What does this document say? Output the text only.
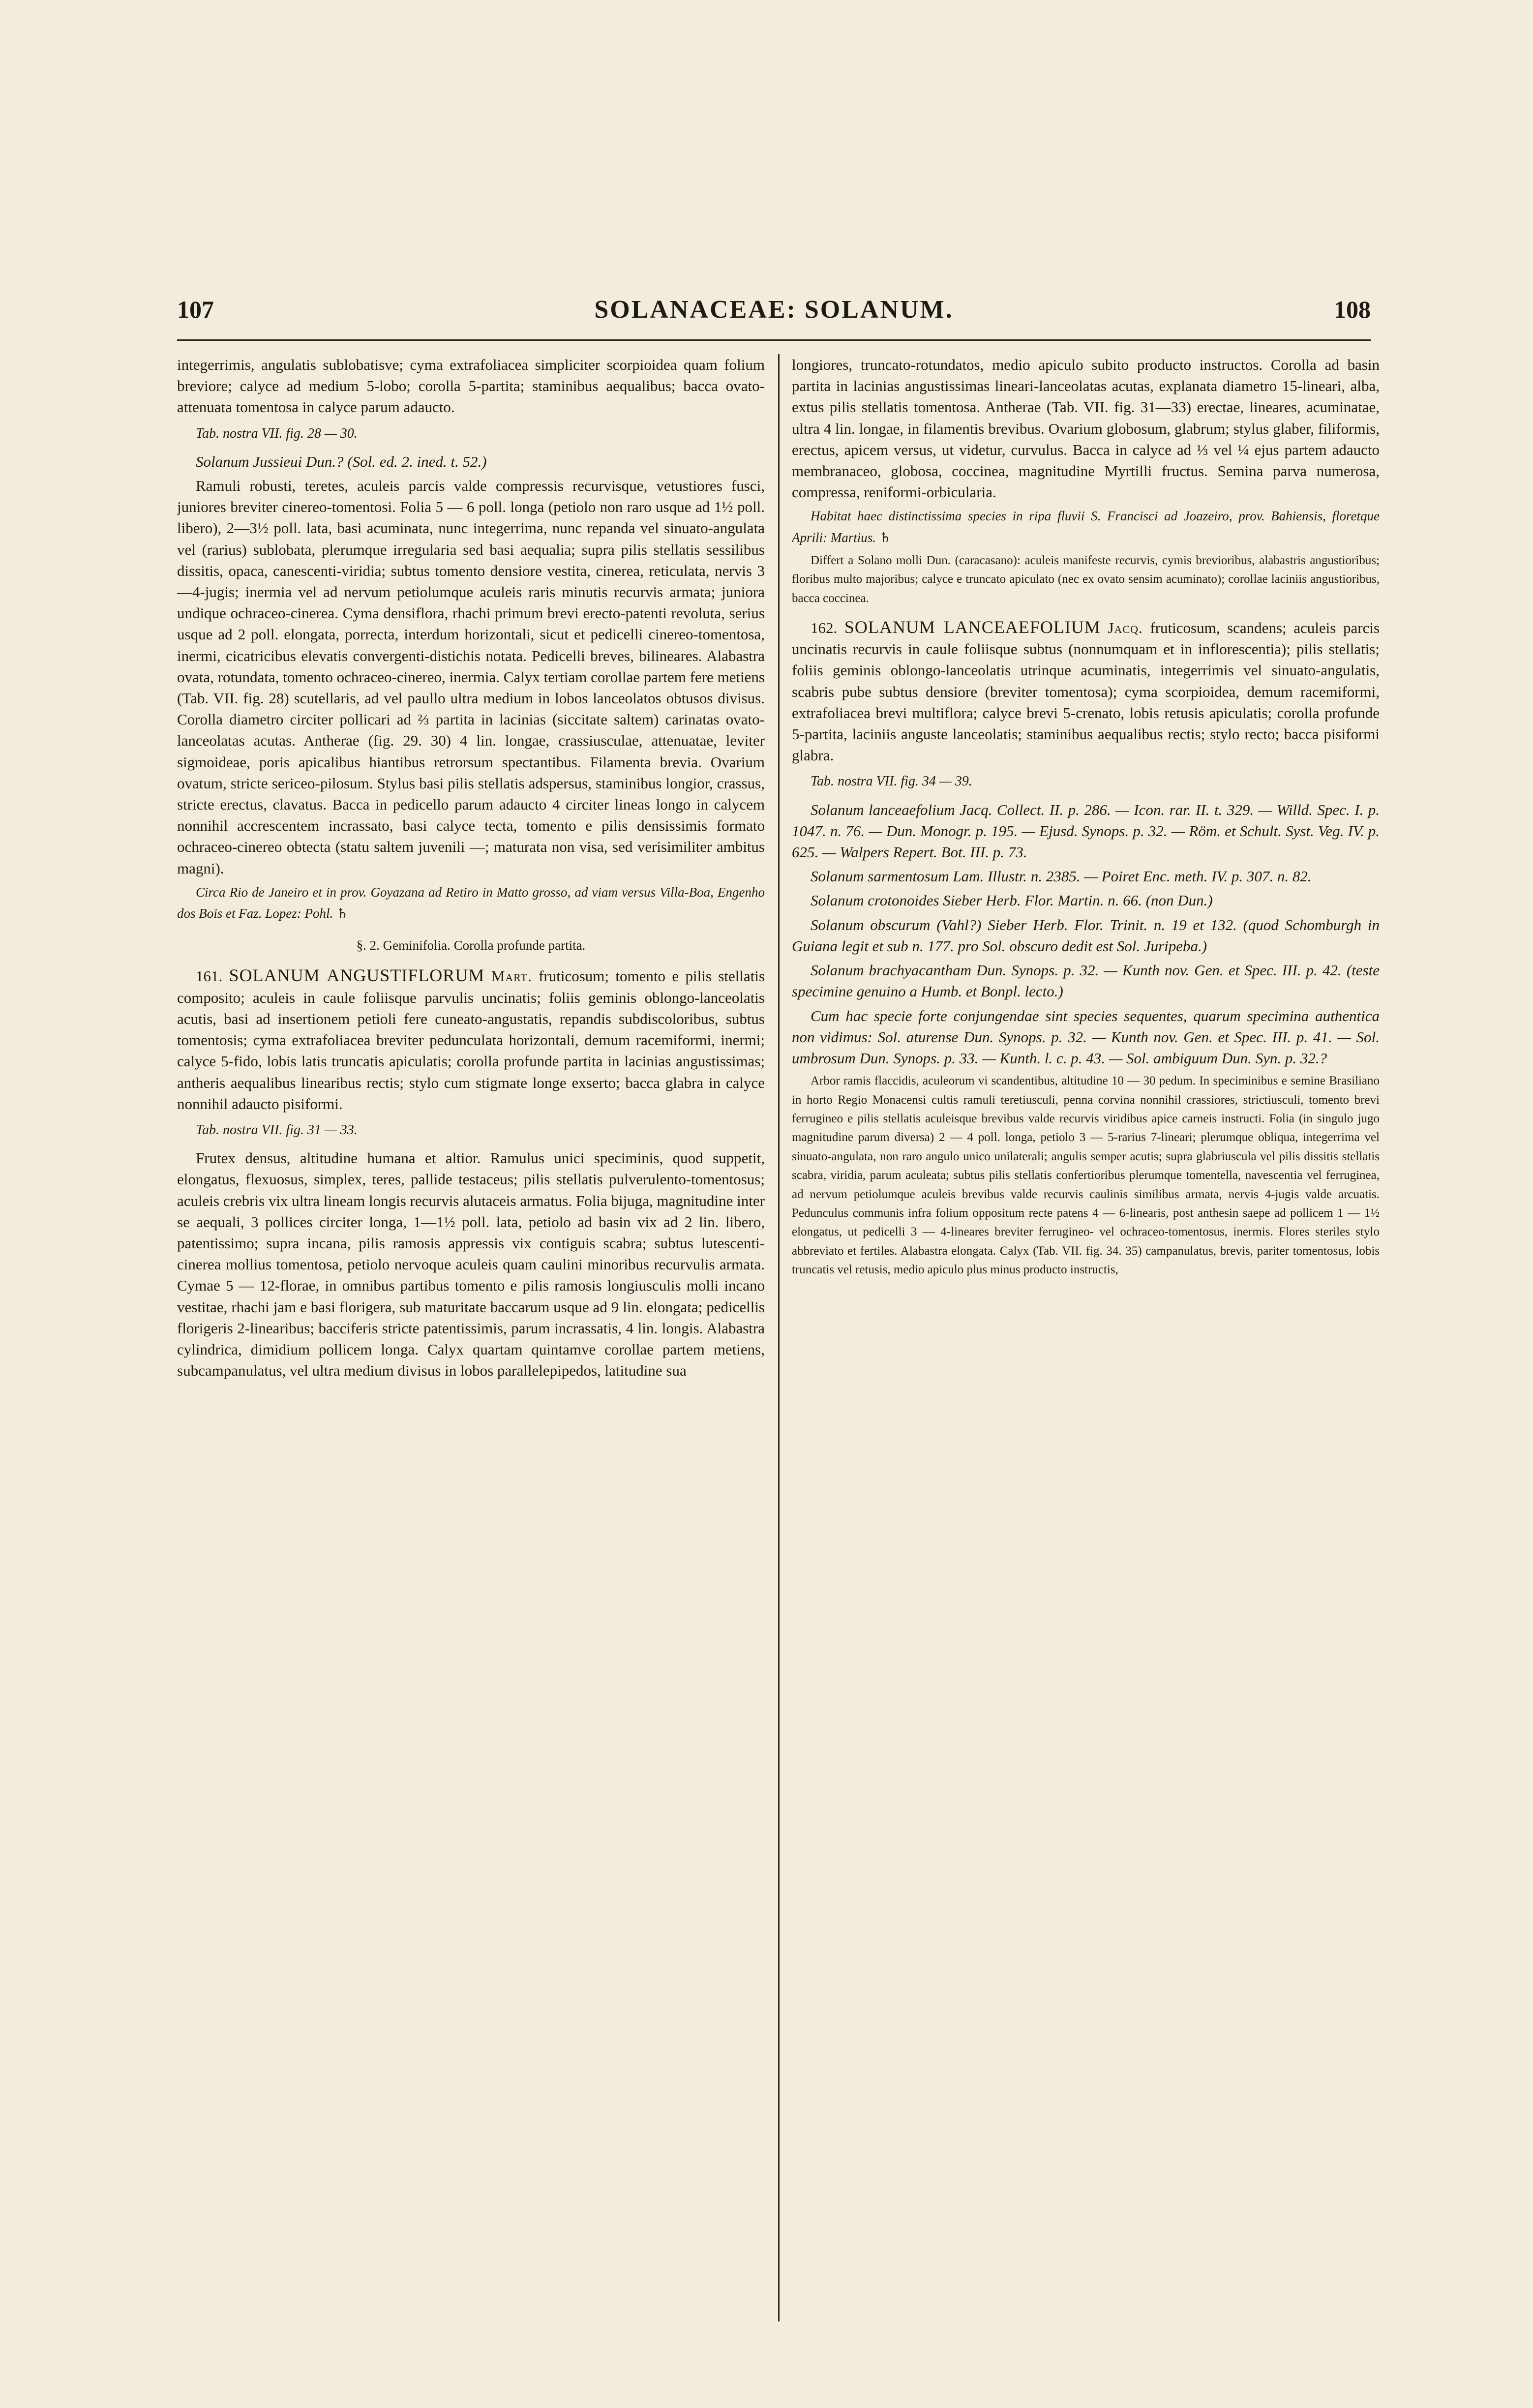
107	SOLANACEAE: SOLANUM.	108

integerrimis, angulatis sublobatisve; cyma extrafoliacea simpliciter scorpioidea quam folium breviore; calyce ad medium 5-lobo; corolla 5-partita; staminibus aequalibus; bacca ovato-attenuata tomentosa in calyce parum adaucto.

Tab. nostra VII. fig. 28 — 30.

Solanum Jussieui Dun.? (Sol. ed. 2. ined. t. 52.)

Ramuli robusti, teretes, aculeis parcis valde compressis recurvisque, vetustiores fusci, juniores breviter cinereo-tomentosi. Folia 5 — 6 poll. longa (petiolo non raro usque ad 1½ poll. libero), 2—3½ poll. lata, basi acuminata, nunc integerrima, nunc repanda vel sinuato-angulata vel (rarius) sublobata, plerumque irregularia sed basi aequalia; supra pilis stellatis sessilibus dissitis, opaca, canescenti-viridia; subtus tomento densiore vestita, cinerea, reticulata, nervis 3—4-jugis; inermia vel ad nervum petiolumque aculeis raris minutis recurvis armata; juniora undique ochraceo-cinerea. Cyma densiflora, rhachi primum brevi erecto-patenti revoluta, serius usque ad 2 poll. elongata, porrecta, interdum horizontali, sicut et pedicelli cinereo-tomentosa, inermi, cicatricibus elevatis convergenti-distichis notata. Pedicelli breves, bilineares. Alabastra ovata, rotundata, tomento ochraceo-cinereo, inermia. Calyx tertiam corollae partem fere metiens (Tab. VII. fig. 28) scutellaris, ad vel paullo ultra medium in lobos lanceolatos obtusos divisus. Corolla diametro circiter pollicari ad ⅔ partita in lacinias (siccitate saltem) carinatas ovato-lanceolatas acutas. Antherae (fig. 29. 30) 4 lin. longae, crassiusculae, attenuatae, leviter sigmoideae, poris apicalibus hiantibus retrorsum spectantibus. Filamenta brevia. Ovarium ovatum, stricte sericeo-pilosum. Stylus basi pilis stellatis adspersus, staminibus longior, crassus, stricte erectus, clavatus. Bacca in pedicello parum adaucto 4 circiter lineas longo in calycem nonnihil accrescentem incrassato, basi calyce tecta, tomento e pilis densissimis formato ochraceo-cinereo obtecta (statu saltem juvenili —; maturata non visa, sed verisimiliter ambitus magni).

Circa Rio de Janeiro et in prov. Goyazana ad Retiro in Matto grosso, ad viam versus Villa-Boa, Engenho dos Bois et Faz. Lopez: Pohl. ♄

§. 2. Geminifolia. Corolla profunde partita.

161. SOLANUM ANGUSTIFLORUM Mart. fruticosum; tomento e pilis stellatis composito; aculeis in caule foliisque parvulis uncinatis; foliis geminis oblongo-lanceolatis acutis, basi ad insertionem petioli fere cuneato-angustatis, repandis subdiscoloribus, subtus tomentosis; cyma extrafoliacea breviter pedunculata horizontali, demum racemiformi, inermi; calyce 5-fido, lobis latis truncatis apiculatis; corolla profunde partita in lacinias angustissimas; antheris aequalibus linearibus rectis; stylo cum stigmate longe exserto; bacca glabra in calyce nonnihil adaucto pisiformi.

Tab. nostra VII. fig. 31 — 33.

Frutex densus, altitudine humana et altior. Ramulus unici speciminis, quod suppetit, elongatus, flexuosus, simplex, teres, pallide testaceus; pilis stellatis pulverulento-tomentosus; aculeis crebris vix ultra lineam longis recurvis alutaceis armatus. Folia bijuga, magnitudine inter se aequali, 3 pollices circiter longa, 1—1½ poll. lata, petiolo ad basin vix ad 2 lin. libero, patentissimo; supra incana, pilis ramosis appressis vix contiguis scabra; subtus lutescenti-cinerea mollius tomentosa, petiolo nervoque aculeis quam caulini minoribus recurvulis armata. Cymae 5 — 12-florae, in omnibus partibus tomento e pilis ramosis longiusculis molli incano vestitae, rhachi jam e basi florigera, sub maturitate baccarum usque ad 9 lin. elongata; pedicellis florigeris 2-linearibus; bacciferis stricte patentissimis, parum incrassatis, 4 lin. longis. Alabastra cylindrica, dimidium pollicem longa. Calyx quartam quintamve corollae partem metiens, subcampanulatus, vel ultra medium divisus in lobos parallelepipedos, latitudine sua

longiores, truncato-rotundatos, medio apiculo subito producto instructos. Corolla ad basin partita in lacinias angustissimas lineari-lanceolatas acutas, explanata diametro 15-lineari, alba, extus pilis stellatis tomentosa. Antherae (Tab. VII. fig. 31—33) erectae, lineares, acuminatae, ultra 4 lin. longae, in filamentis brevibus. Ovarium globosum, glabrum; stylus glaber, filiformis, erectus, apicem versus, ut videtur, curvulus. Bacca in calyce ad ⅓ vel ¼ ejus partem adaucto membranaceo, globosa, coccinea, magnitudine Myrtilli fructus. Semina parva numerosa, compressa, reniformi-orbicularia.

Habitat haec distinctissima species in ripa fluvii S. Francisci ad Joazeiro, prov. Bahiensis, floretque Aprili: Martius. ♄

Differt a Solano molli Dun. (caracasano): aculeis manifeste recurvis, cymis brevioribus, alabastris angustioribus; floribus multo majoribus; calyce e truncato apiculato (nec ex ovato sensim acuminato); corollae laciniis angustioribus, bacca coccinea.

162. SOLANUM LANCEAEFOLIUM Jacq. fruticosum, scandens; aculeis parcis uncinatis recurvis in caule foliisque subtus (nonnumquam et in inflorescentia); pilis stellatis; foliis geminis oblongo-lanceolatis utrinque acuminatis, integerrimis vel sinuato-angulatis, scabris pube subtus densiore (breviter tomentosa); cyma scorpioidea, demum racemiformi, extrafoliacea brevi multiflora; calyce brevi 5-crenato, lobis retusis apiculatis; corolla profunde 5-partita, laciniis anguste lanceolatis; staminibus aequalibus rectis; stylo recto; bacca pisiformi glabra.

Tab. nostra VII. fig. 34 — 39.

Solanum lanceaefolium Jacq. Collect. II. p. 286. — Icon. rar. II. t. 329. — Willd. Spec. I. p. 1047. n. 76. — Dun. Monogr. p. 195. — Ejusd. Synops. p. 32. — Röm. et Schult. Syst. Veg. IV. p. 625. — Walpers Repert. Bot. III. p. 73.

Solanum sarmentosum Lam. Illustr. n. 2385. — Poiret Enc. meth. IV. p. 307. n. 82.

Solanum crotonoides Sieber Herb. Flor. Martin. n. 66. (non Dun.)

Solanum obscurum (Vahl?) Sieber Herb. Flor. Trinit. n. 19 et 132. (quod Schomburgh in Guiana legit et sub n. 177. pro Sol. obscuro dedit est Sol. Juripeba.)

Solanum brachyacantham Dun. Synops. p. 32. — Kunth nov. Gen. et Spec. III. p. 42. (teste specimine genuino a Humb. et Bonpl. lecto.)

Cum hac specie forte conjungendae sint species sequentes, quarum specimina authentica non vidimus: Sol. aturense Dun. Synops. p. 32. — Kunth nov. Gen. et Spec. III. p. 41. — Sol. umbrosum Dun. Synops. p. 33. — Kunth. l. c. p. 43. — Sol. ambiguum Dun. Syn. p. 32.?

Arbor ramis flaccidis, aculeorum vi scandentibus, altitudine 10 — 30 pedum. In speciminibus e semine Brasiliano in horto Regio Monacensi cultis ramuli teretiusculi, penna corvina nonnihil crassiores, strictiusculi, tomento brevi ferrugineo e pilis stellatis aculeisque brevibus valde recurvis viridibus apice carneis instructi. Folia (in singulo jugo magnitudine parum diversa) 2 — 4 poll. longa, petiolo 3 — 5-rarius 7-lineari; plerumque obliqua, integerrima vel sinuato-angulata, non raro angulo unico unilaterali; angulis semper acutis; supra glabriuscula vel pilis dissitis stellatis scabra, viridia, parum aculeata; subtus pilis stellatis confertioribus plerumque tomentella, navescentia vel ferruginea, ad nervum petiolumque aculeis brevibus valde recurvis caulinis similibus armata, nervis 4-jugis valde arcuatis. Pedunculus communis infra folium oppositum recte patens 4 — 6-linearis, post anthesin saepe ad pollicem 1 — 1½ elongatus, ut pedicelli 3 — 4-lineares breviter ferrugineo- vel ochraceo-tomentosus, inermis. Flores steriles stylo abbreviato et fertiles. Alabastra elongata. Calyx (Tab. VII. fig. 34. 35) campanulatus, brevis, pariter tomentosus, lobis truncatis vel retusis, medio apiculo plus minus producto instructis,
